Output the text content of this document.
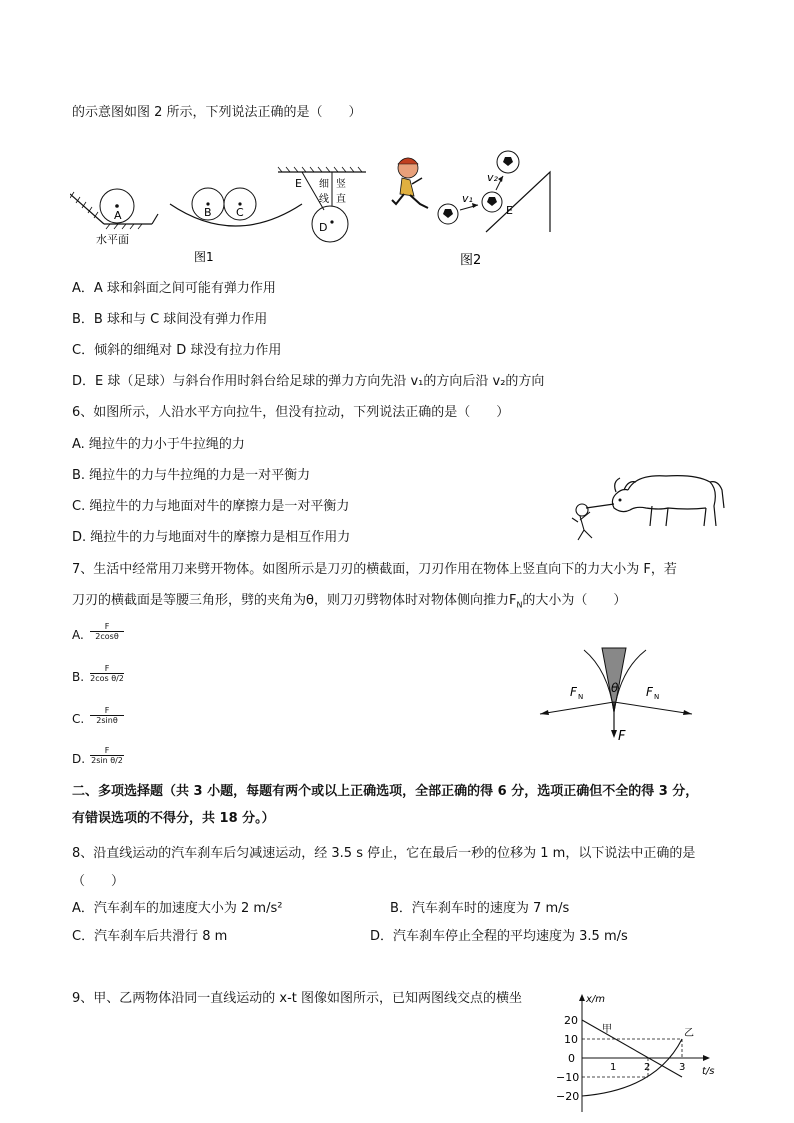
的示意图如图 2 所示，下列说法正确的是（　　）
A
水平面
B C
E 细
线
竖
直
D
图1
v₁
v₂
E
图2
A．A 球和斜面之间可能有弹力作用
B．B 球和与 C 球间没有弹力作用
C．倾斜的细绳对 D 球没有拉力作用
D．E 球（足球）与斜台作用时斜台给足球的弹力方向先沿 v₁的方向后沿 v₂的方向
6、如图所示，人沿水平方向拉牛，但没有拉动，下列说法正确的是（　　）
A. 绳拉牛的力小于牛拉绳的力
B. 绳拉牛的力与牛拉绳的力是一对平衡力
C. 绳拉牛的力与地面对牛的摩擦力是一对平衡力
D. 绳拉牛的力与地面对牛的摩擦力是相互作用力
7、生活中经常用刀来劈开物体。如图所示是刀刃的横截面，刀刃作用在物体上竖直向下的力大小为 F，若
刀刃的横截面是等腰三角形，劈的夹角为θ，则刀刃劈物体时对物体侧向推力$F_N$的大小为（　　）
A. $\frac{F}{2\cos\theta}$
B. $\frac{F}{\text{2cos θ/2}}$
C. $\frac{F}{2\sin\theta}$
D. $\frac{F}{\text{2sin θ/2}}$
F N	F N
θ
F
二、多项选择题（共 3 小题，每题有两个或以上正确选项，全部正确的得 6 分，选项正确但不全的得 3 分，
有错误选项的不得分，共 18 分。）
8、沿直线运动的汽车刹车后匀减速运动，经 3.5 s 停止，它在最后一秒的位移为 1 m，以下说法中正确的是
（　　）
A．汽车刹车的加速度大小为 2 m/s²	B．汽车刹车时的速度为 7 m/s
C．汽车刹车后共滑行 8 m	D．汽车刹车停止全程的平均速度为 3.5 m/s
9、甲、乙两物体沿同一直线运动的 x-t 图像如图所示，已知两图线交点的横坐	x/m
t/s
20
10
0
−10
−20
1	2	3
甲	乙
